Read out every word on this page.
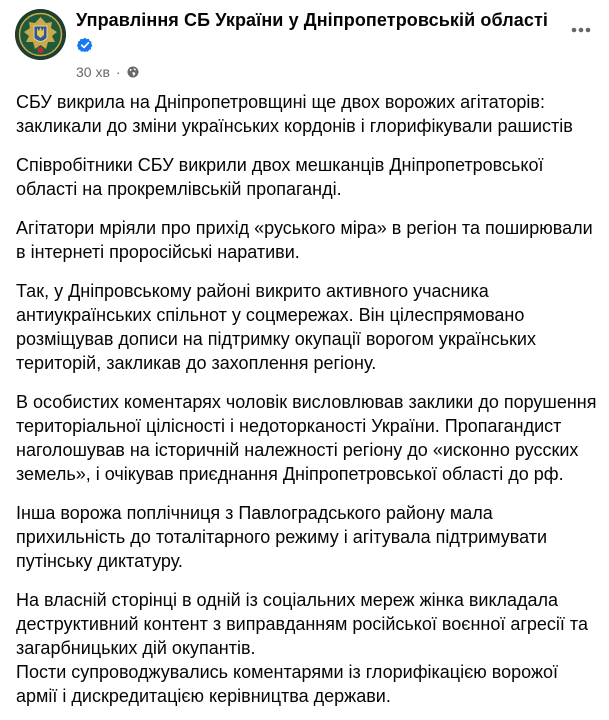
Управління СБ України у Дніпропетровській області
30 хв ·

СБУ викрила на Дніпропетровщині ще двох ворожих агітаторів: закликали до зміни українських кордонів і глорифікували рашистів

Співробітники СБУ викрили двох мешканців Дніпропетровської області на прокремлівській пропаганді.

Агітатори мріяли про прихід «руського міра» в регіон та поширювали в інтернеті проросійські наративи.

Так, у Дніпровському районі викрито активного учасника антиукраїнських спільнот у соцмережах. Він цілеспрямовано розміщував дописи на підтримку окупації ворогом українських територій, закликав до захоплення регіону.

В особистих коментарях чоловік висловлював заклики до порушення територіальної цілісності і недоторканості України. Пропагандист наголошував на історичній належності регіону до «исконно русских земель», і очікував приєднання Дніпропетровської області до рф.

Інша ворожа поплічниця з Павлоградського району мала прихильність до тоталітарного режиму і агітувала підтримувати путінську диктатуру.

На власній сторінці в одній із соціальних мереж жінка викладала деструктивний контент з виправданням російської воєнної агресії та загарбницьких дій окупантів.

Пости супроводжувались коментарями із глорифікацією ворожої армії і дискредитацією керівництва держави.
